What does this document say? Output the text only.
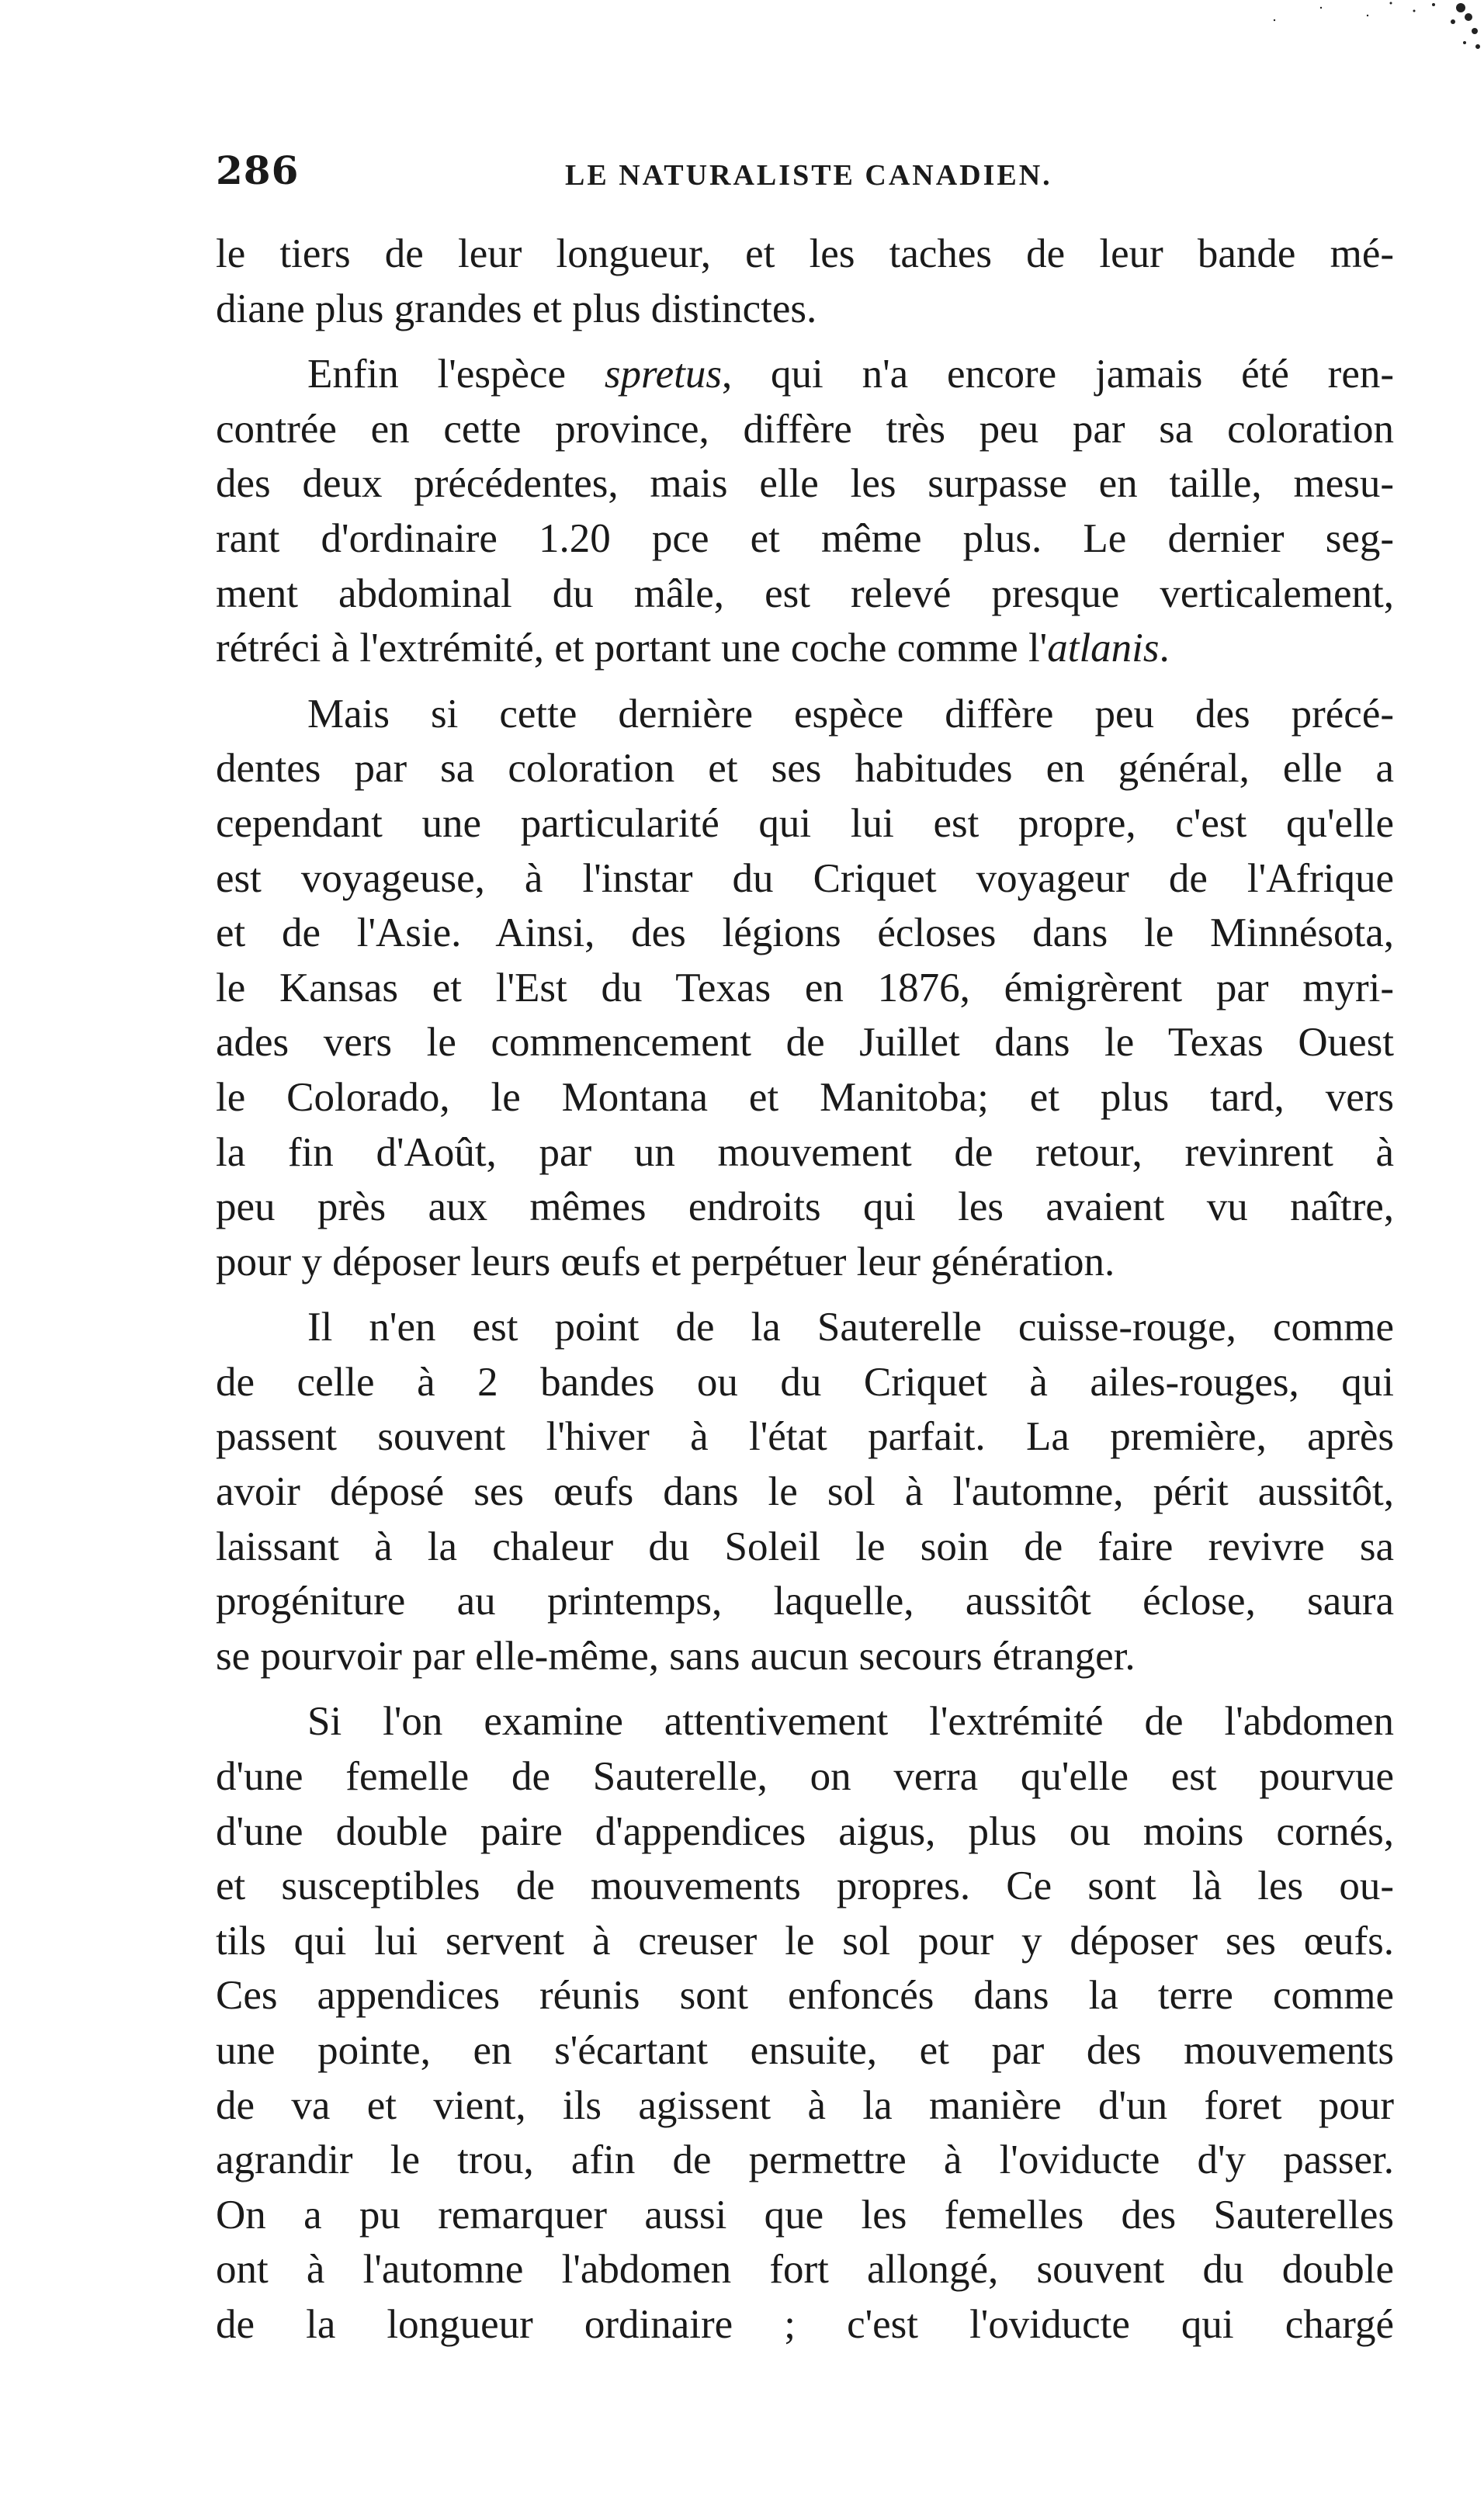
286	LE NATURALISTE CANADIEN.
le tiers de leur longueur, et les taches de leur bande mé-
diane plus grandes et plus distinctes.
Enfin l'espèce spretus, qui n'a encore jamais été ren-
contrée en cette province, diffère très peu par sa coloration
des deux précédentes, mais elle les surpasse en taille, mesu-
rant d'ordinaire 1.20 pce et même plus. Le dernier seg-
ment abdominal du mâle, est relevé presque verticalement,
rétréci à l'extrémité, et portant une coche comme l'atlanis.
Mais si cette dernière espèce diffère peu des précé-
dentes par sa coloration et ses habitudes en général, elle a
cependant une particularité qui lui est propre, c'est qu'elle
est voyageuse, à l'instar du Criquet voyageur de l'Afrique
et de l'Asie. Ainsi, des légions écloses dans le Minnésota,
le Kansas et l'Est du Texas en 1876, émigrèrent par myri-
ades vers le commencement de Juillet dans le Texas Ouest
le Colorado, le Montana et Manitoba; et plus tard, vers
la fin d'Août, par un mouvement de retour, revinrent à
peu près aux mêmes endroits qui les avaient vu naître,
pour y déposer leurs œufs et perpétuer leur génération.
Il n'en est point de la Sauterelle cuisse-rouge, comme
de celle à 2 bandes ou du Criquet à ailes-rouges, qui
passent souvent l'hiver à l'état parfait. La première, après
avoir déposé ses œufs dans le sol à l'automne, périt aussitôt,
laissant à la chaleur du Soleil le soin de faire revivre sa
progéniture au printemps, laquelle, aussitôt éclose, saura
se pourvoir par elle-même, sans aucun secours étranger.
Si l'on examine attentivement l'extrémité de l'abdomen
d'une femelle de Sauterelle, on verra qu'elle est pourvue
d'une double paire d'appendices aigus, plus ou moins cornés,
et susceptibles de mouvements propres. Ce sont là les ou-
tils qui lui servent à creuser le sol pour y déposer ses œufs.
Ces appendices réunis sont enfoncés dans la terre comme
une pointe, en s'écartant ensuite, et par des mouvements
de va et vient, ils agissent à la manière d'un foret pour
agrandir le trou, afin de permettre à l'oviducte d'y passer.
On a pu remarquer aussi que les femelles des Sauterelles
ont à l'automne l'abdomen fort allongé, souvent du double
de la longueur ordinaire ; c'est l'oviducte qui chargé
